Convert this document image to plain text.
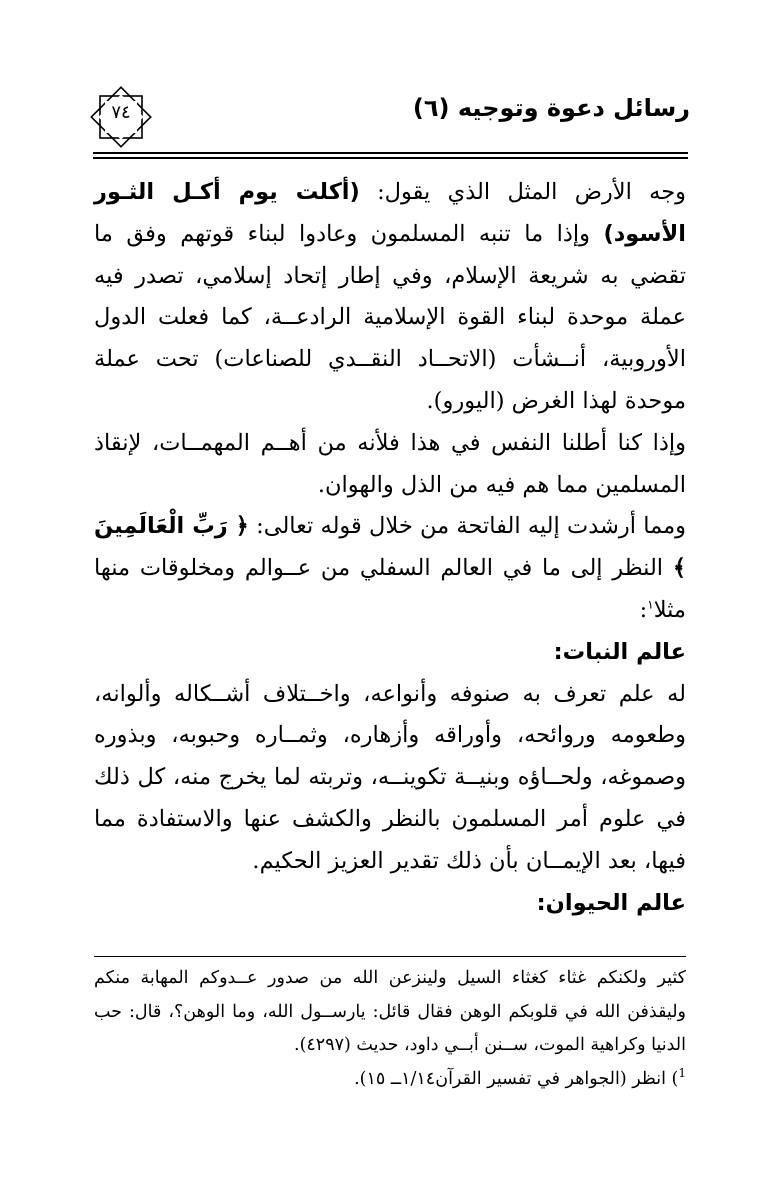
رسائل دعوة وتوجيه (٦)
٧٤

وجه الأرض المثل الذي يقول: (أكلت يوم أكـل الثـور الأسود) وإذا ما تنبه المسلمون وعادوا لبناء قوتهم وفق ما تقضي به شريعة الإسلام، وفي إطار إتحاد إسلامي، تصدر فيه عملة موحدة لبناء القوة الإسلامية الرادعــة، كما فعلت الدول الأوروبية، أنــشأت (الاتحــاد النقــدي للصناعات) تحت عملة موحدة لهذا الغرض (اليورو).

وإذا كنا أطلنا النفس في هذا فلأنه من أهــم المهمــات، لإنقاذ المسلمين مما هم فيه من الذل والهوان.

ومما أرشدت إليه الفاتحة من خلال قوله تعالى: ﴿ رَبِّ الْعَالَمِينَ ﴾ النظر إلى ما في العالم السفلي من عــوالم ومخلوقات منها مثلا$^١$:

عالم النبات:

له علم تعرف به صنوفه وأنواعه، واخــتلاف أشــكاله وألوانه، وطعومه وروائحه، وأوراقه وأزهاره، وثمــاره وحبوبه، وبذوره وصموغه، ولحــاؤه وبنيــة تكوينــه، وتربته لما يخرج منه، كل ذلك في علوم أمر المسلمون بالنظر والكشف عنها والاستفادة مما فيها، بعد الإيمــان بأن ذلك تقدير العزيز الحكيم.

عالم الحيوان:

كثير ولكنكم غثاء كغثاء السيل ولينزعن الله من صدور عــدوكم المهابة منكم وليقذفن الله في قلوبكم الوهن فقال قائل: يارســول الله، وما الوهن؟، قال: حب الدنيا وكراهية الموت، ســنن أبــي داود، حديث (٤٢٩٧).

$^1$) انظر (الجواهر في تفسير القرآن١/١٤ــ ١٥).
